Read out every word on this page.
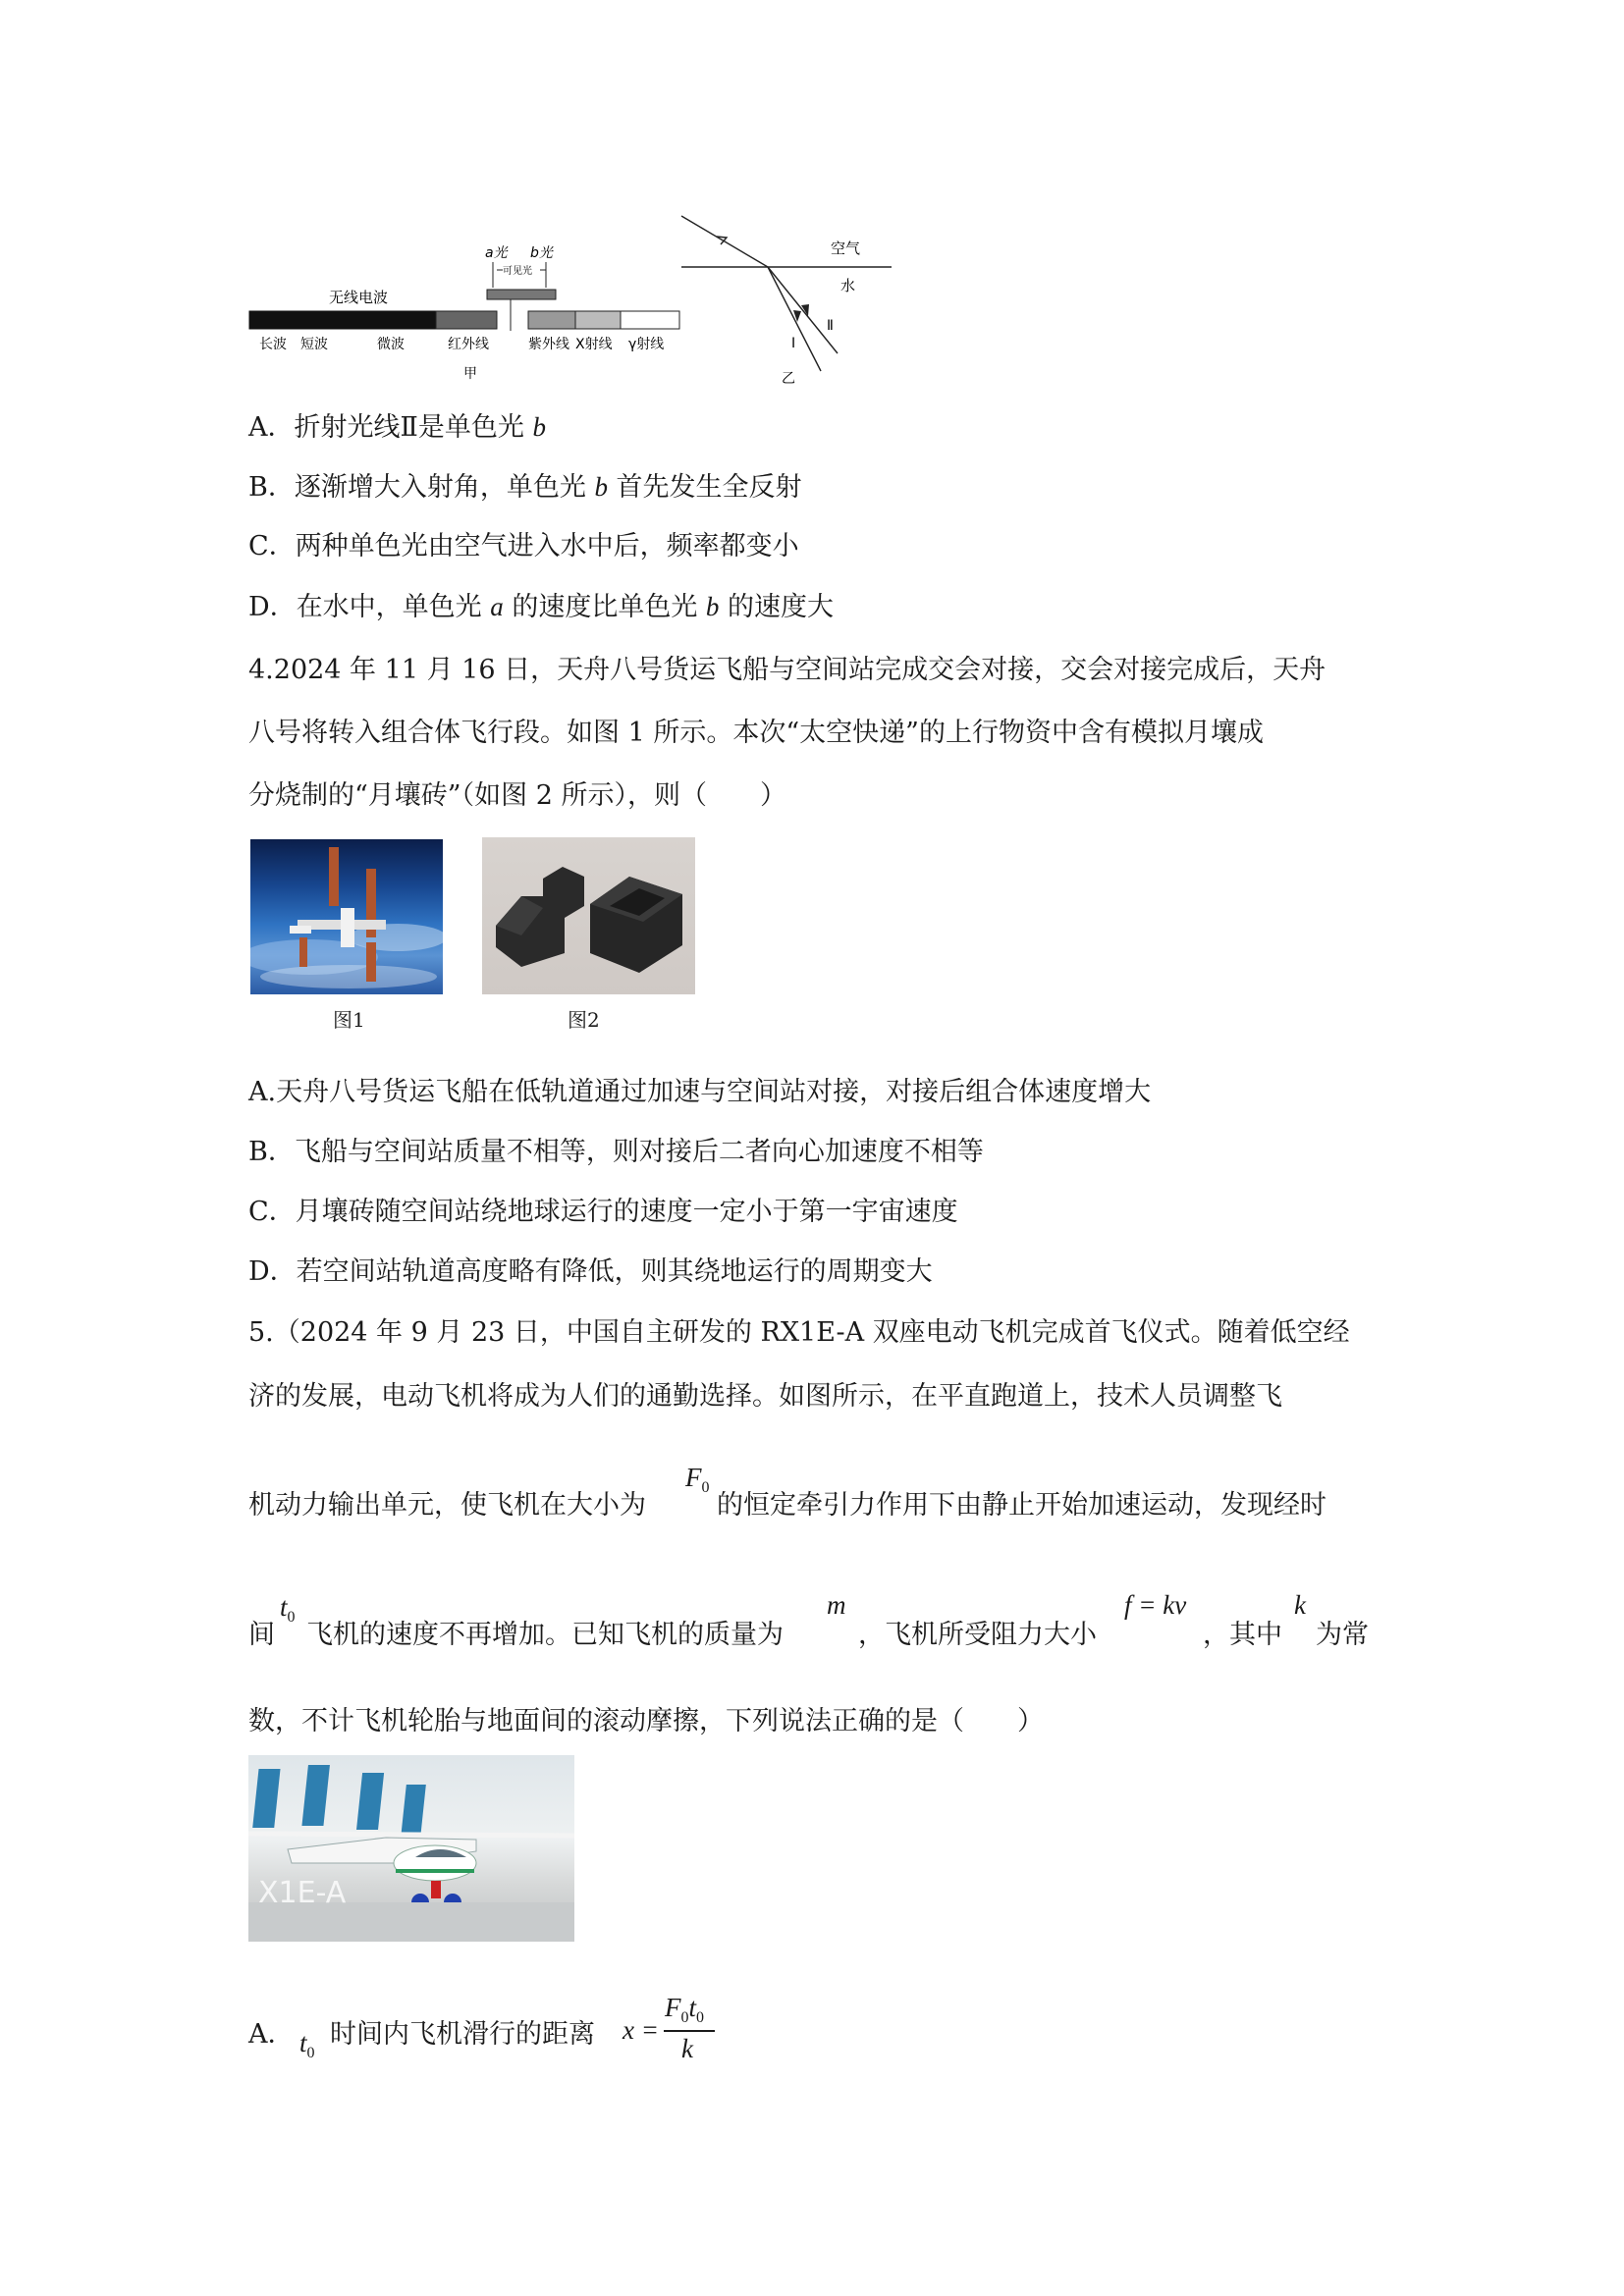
无线电波
a光 b光
可见光
长波 短波	微波	红外线	紫外线 X射线 γ射线
甲
空气
水
Ⅱ
Ⅰ
乙
A．折射光线Ⅱ是单色光 b
B．逐渐增大入射角，单色光 b 首先发生全反射
C．两种单色光由空气进入水中后，频率都变小
D．在水中，单色光 a 的速度比单色光 b 的速度大
4.2024 年 11 月 16 日，天舟八号货运飞船与空间站完成交会对接，交会对接完成后，天舟
八号将转入组合体飞行段。如图 1 所示。本次“太空快递”的上行物资中含有模拟月壤成
分烧制的“月壤砖”（如图 2 所示），则（　　）
图1	图2
A.天舟八号货运飞船在低轨道通过加速与空间站对接，对接后组合体速度增大
B．飞船与空间站质量不相等，则对接后二者向心加速度不相等
C．月壤砖随空间站绕地球运行的速度一定小于第一宇宙速度
D．若空间站轨道高度略有降低，则其绕地运行的周期变大
5.（2024 年 9 月 23 日，中国自主研发的 RX1E-A 双座电动飞机完成首飞仪式。随着低空经
济的发展，电动飞机将成为人们的通勤选择。如图所示，在平直跑道上，技术人员调整飞
机动力输出单元，使飞机在大小为
$F_0$
的恒定牵引力作用下由静止开始加速运动，发现经时
间
$t_0$
飞机的速度不再增加。已知飞机的质量为
m
，飞机所受阻力大小
f = kv
，其中
k
为常
数，不计飞机轮胎与地面间的滚动摩擦，下列说法正确的是（　　）
X1E-A
A． $t_0$
时间内飞机滑行的距离 x =
$F_0t_0$
k
